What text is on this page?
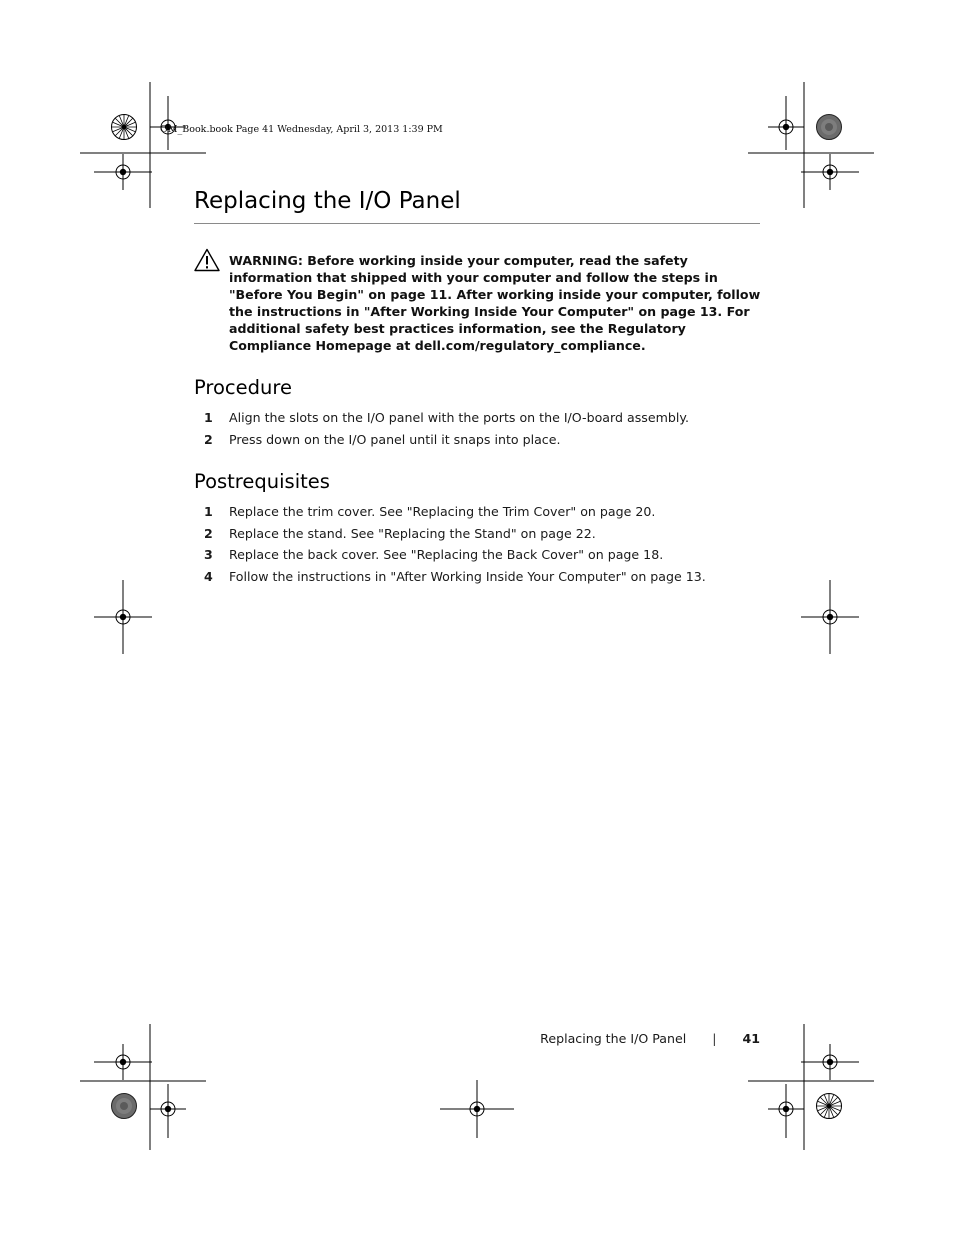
OM_Book.book Page 41 Wednesday, April 3, 2013 1:39 PM
Replacing the I/O Panel

WARNING: Before working inside your computer, read the safety information that shipped with your computer and follow the steps in "Before You Begin" on page 11. After working inside your computer, follow the instructions in "After Working Inside Your Computer" on page 13. For additional safety best practices information, see the Regulatory Compliance Homepage at dell.com/regulatory_compliance.

Procedure
1 Align the slots on the I/O panel with the ports on the I/O-board assembly.
2 Press down on the I/O panel until it snaps into place.
Postrequisites
1 Replace the trim cover. See "Replacing the Trim Cover" on page 20.
2 Replace the stand. See "Replacing the Stand" on page 22.
3 Replace the back cover. See "Replacing the Back Cover" on page 18.
4 Follow the instructions in "After Working Inside Your Computer" on page 13.
Replacing the I/O Panel | 41
